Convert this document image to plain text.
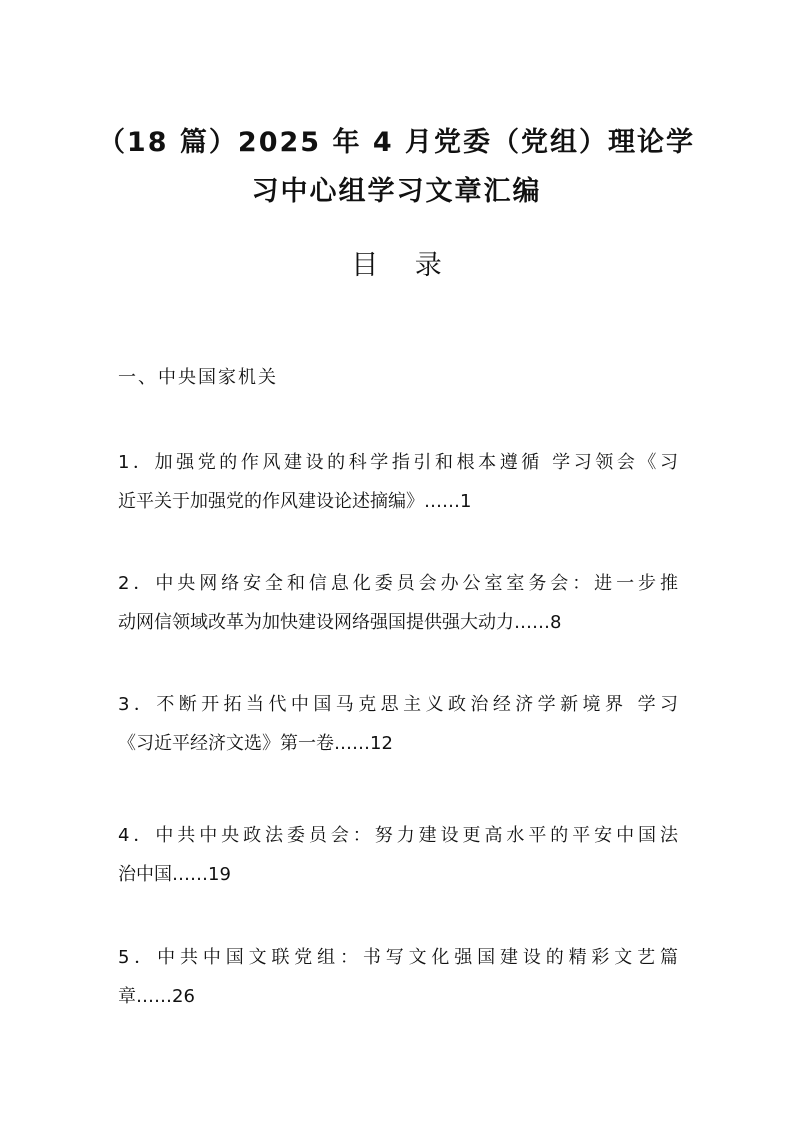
（18 篇）2025 年 4 月党委（党组）理论学
习中心组学习文章汇编
目 录
一、中央国家机关

1．加强党的作风建设的科学指引和根本遵循 学习领会《习
近平关于加强党的作风建设论述摘编》……1

2．中央网络安全和信息化委员会办公室室务会：进一步推
动网信领域改革为加快建设网络强国提供强大动力……8

3．不断开拓当代中国马克思主义政治经济学新境界 学习
《习近平经济文选》第一卷……12

4．中共中央政法委员会：努力建设更高水平的平安中国法
治中国……19

5．中共中国文联党组：书写文化强国建设的精彩文艺篇
章……26
